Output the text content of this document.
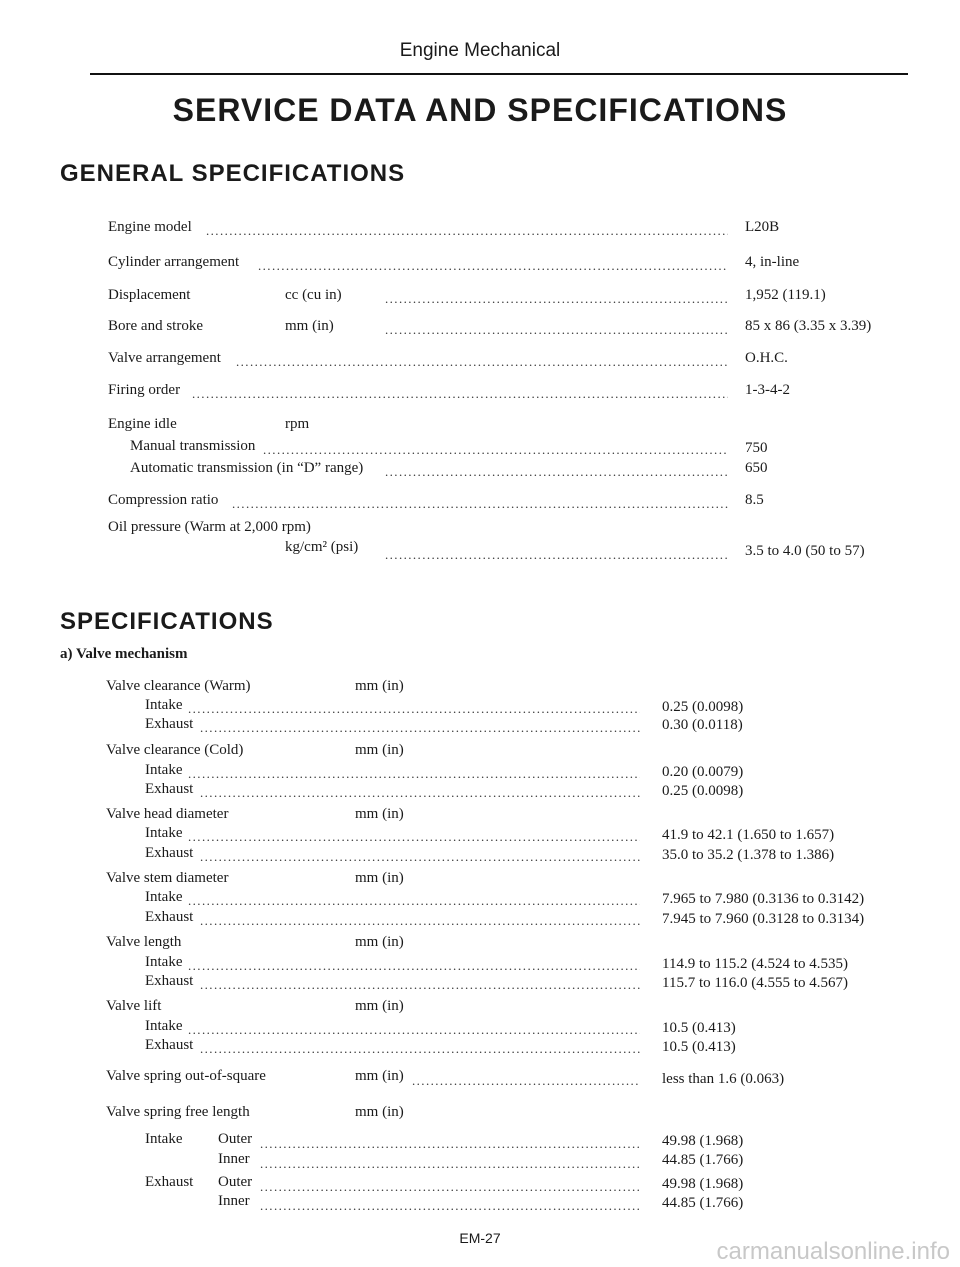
Engine Mechanical
SERVICE DATA AND SPECIFICATIONS
GENERAL SPECIFICATIONS
Engine model .....	L20B
Cylinder arrangement .....	4, in-line
Displacement	cc (cu in) .....	1,952 (119.1)
Bore and stroke	mm (in) .....	85 x 86 (3.35 x 3.39)
Valve arrangement .....	O.H.C.
Firing order .....	1-3-4-2
Engine idle	rpm
Manual transmission .....	750
Automatic transmission (in “D” range) .....	650
Compression ratio .....	8.5
Oil pressure (Warm at 2,000 rpm)
kg/cm² (psi) .....	3.5 to 4.0 (50 to 57)
SPECIFICATIONS
a) Valve mechanism
Valve clearance (Warm)	mm (in)
Intake .....	0.25 (0.0098)
Exhaust .....	0.30 (0.0118)
Valve clearance (Cold)	mm (in)
Intake .....	0.20 (0.0079)
Exhaust .....	0.25 (0.0098)
Valve head diameter	mm (in)
Intake .....	41.9 to 42.1 (1.650 to 1.657)
Exhaust .....	35.0 to 35.2 (1.378 to 1.386)
Valve stem diameter	mm (in)
Intake .....	7.965 to 7.980 (0.3136 to 0.3142)
Exhaust .....	7.945 to 7.960 (0.3128 to 0.3134)
Valve length	mm (in)
Intake .....	114.9 to 115.2 (4.524 to 4.535)
Exhaust .....	115.7 to 116.0 (4.555 to 4.567)
Valve lift	mm (in)
Intake .....	10.5 (0.413)
Exhaust .....	10.5 (0.413)
Valve spring out-of-square	mm (in) .....	less than 1.6 (0.063)
Valve spring free length	mm (in)
Intake Outer .....	49.98 (1.968)
Inner .....	44.85 (1.766)
Exhaust Outer .....	49.98 (1.968)
Inner .....	44.85 (1.766)
EM-27	carmanualsonline.info
